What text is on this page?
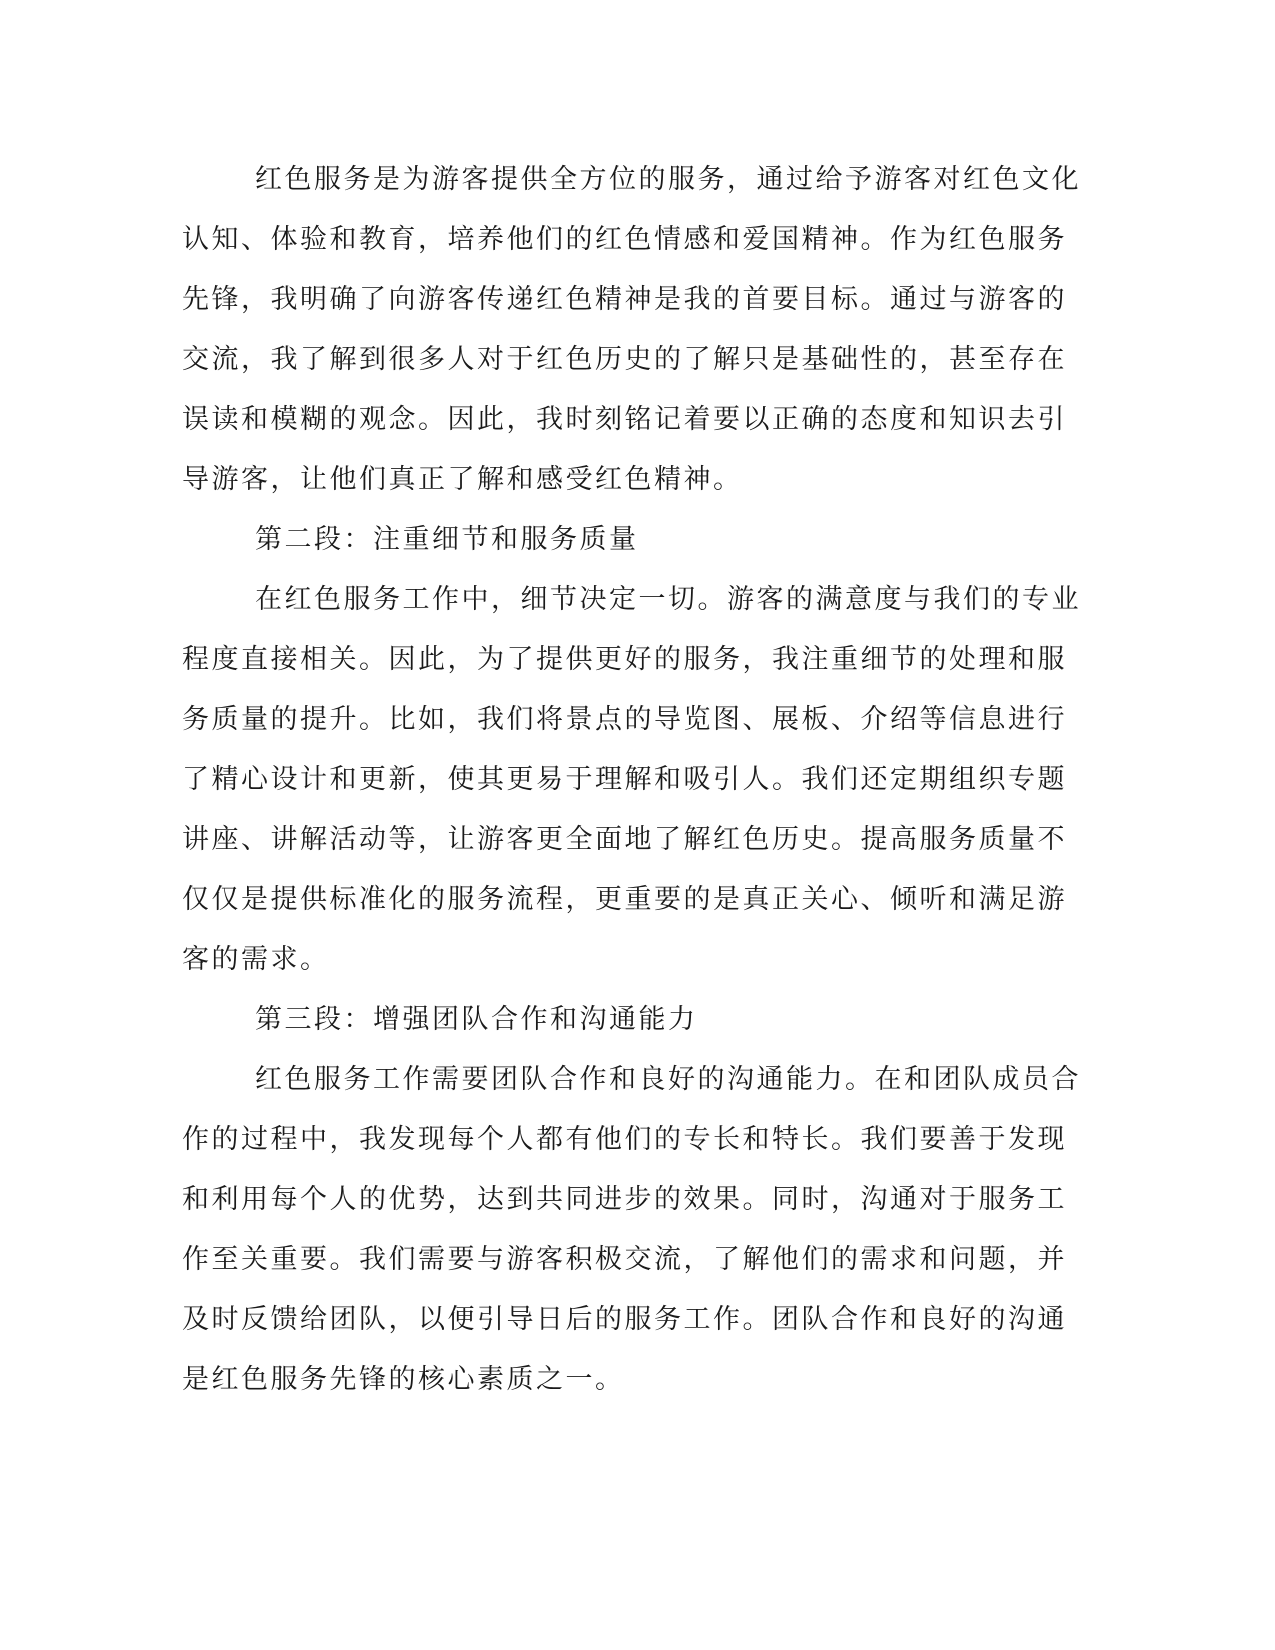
红色服务是为游客提供全方位的服务，通过给予游客对红色文化
认知、体验和教育，培养他们的红色情感和爱国精神。作为红色服务
先锋，我明确了向游客传递红色精神是我的首要目标。通过与游客的
交流，我了解到很多人对于红色历史的了解只是基础性的，甚至存在
误读和模糊的观念。因此，我时刻铭记着要以正确的态度和知识去引
导游客，让他们真正了解和感受红色精神。
第二段：注重细节和服务质量
在红色服务工作中，细节决定一切。游客的满意度与我们的专业
程度直接相关。因此，为了提供更好的服务，我注重细节的处理和服
务质量的提升。比如，我们将景点的导览图、展板、介绍等信息进行
了精心设计和更新，使其更易于理解和吸引人。我们还定期组织专题
讲座、讲解活动等，让游客更全面地了解红色历史。提高服务质量不
仅仅是提供标准化的服务流程，更重要的是真正关心、倾听和满足游
客的需求。
第三段：增强团队合作和沟通能力
红色服务工作需要团队合作和良好的沟通能力。在和团队成员合
作的过程中，我发现每个人都有他们的专长和特长。我们要善于发现
和利用每个人的优势，达到共同进步的效果。同时，沟通对于服务工
作至关重要。我们需要与游客积极交流，了解他们的需求和问题，并
及时反馈给团队，以便引导日后的服务工作。团队合作和良好的沟通
是红色服务先锋的核心素质之一。
